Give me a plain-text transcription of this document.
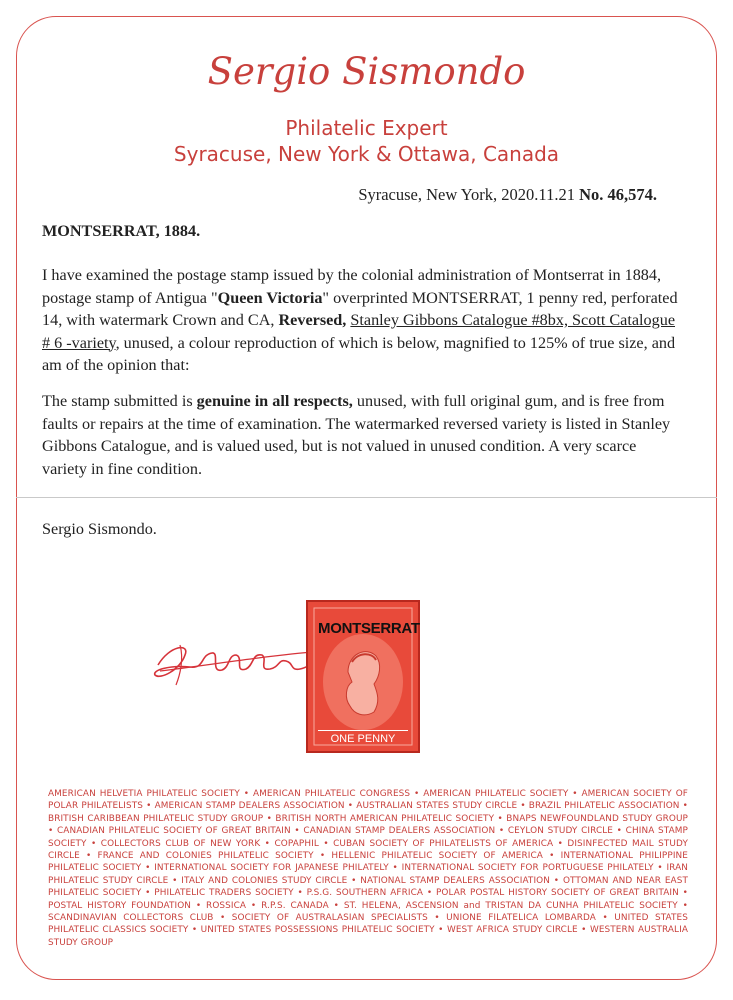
Sergio Sismondo
Philatelic Expert
Syracuse, New York & Ottawa, Canada
Syracuse, New York, 2020.11.21 No. 46,574.
MONTSERRAT, 1884.
I have examined the postage stamp issued by the colonial administration of Montserrat in 1884, postage stamp of Antigua "Queen Victoria" overprinted MONTSERRAT, 1 penny red, perforated 14, with watermark Crown and CA, Reversed, Stanley Gibbons Catalogue #8bx, Scott Catalogue # 6 -variety, unused, a colour reproduction of which is below, magnified to 125% of true size, and am of the opinion that:
The stamp submitted is genuine in all respects, unused, with full original gum, and is free from faults or repairs at the time of examination. The watermarked reversed variety is listed in Stanley Gibbons Catalogue, and is valued used, but is not valued in unused condition. A very scarce variety in fine condition.
Sergio Sismondo.
MONTSERRAT
ONE PENNY
AMERICAN HELVETIA PHILATELIC SOCIETY • AMERICAN PHILATELIC CONGRESS • AMERICAN PHILATELIC SOCIETY • AMERICAN SOCIETY OF POLAR PHILATELISTS • AMERICAN STAMP DEALERS ASSOCIATION • AUSTRALIAN STATES STUDY CIRCLE • BRAZIL PHILATELIC ASSOCIATION • BRITISH CARIBBEAN PHILATELIC STUDY GROUP • BRITISH NORTH AMERICAN PHILATELIC SOCIETY • BNAPS NEWFOUNDLAND STUDY GROUP • CANADIAN PHILATELIC SOCIETY OF GREAT BRITAIN • CANADIAN STAMP DEALERS ASSOCIATION • CEYLON STUDY CIRCLE • CHINA STAMP SOCIETY • COLLECTORS CLUB OF NEW YORK • COPAPHIL • CUBAN SOCIETY OF PHILATELISTS OF AMERICA • DISINFECTED MAIL STUDY CIRCLE • FRANCE AND COLONIES PHILATELIC SOCIETY • HELLENIC PHILATELIC SOCIETY OF AMERICA • INTERNATIONAL PHILIPPINE PHILATELIC SOCIETY • INTERNATIONAL SOCIETY FOR JAPANESE PHILATELY • INTERNATIONAL SOCIETY FOR PORTUGUESE PHILATELY • IRAN PHILATELIC STUDY CIRCLE • ITALY AND COLONIES STUDY CIRCLE • NATIONAL STAMP DEALERS ASSOCIATION • OTTOMAN AND NEAR EAST PHILATELIC SOCIETY • PHILATELIC TRADERS SOCIETY • P.S.G. SOUTHERN AFRICA • POLAR POSTAL HISTORY SOCIETY OF GREAT BRITAIN • POSTAL HISTORY FOUNDATION • ROSSICA • R.P.S. CANADA • ST. HELENA, ASCENSION and TRISTAN DA CUNHA PHILATELIC SOCIETY • SCANDINAVIAN COLLECTORS CLUB • SOCIETY OF AUSTRALASIAN SPECIALISTS • UNIONE FILATELICA LOMBARDA • UNITED STATES PHILATELIC CLASSICS SOCIETY • UNITED STATES POSSESSIONS PHILATELIC SOCIETY • WEST AFRICA STUDY CIRCLE • WESTERN AUSTRALIA STUDY GROUP
